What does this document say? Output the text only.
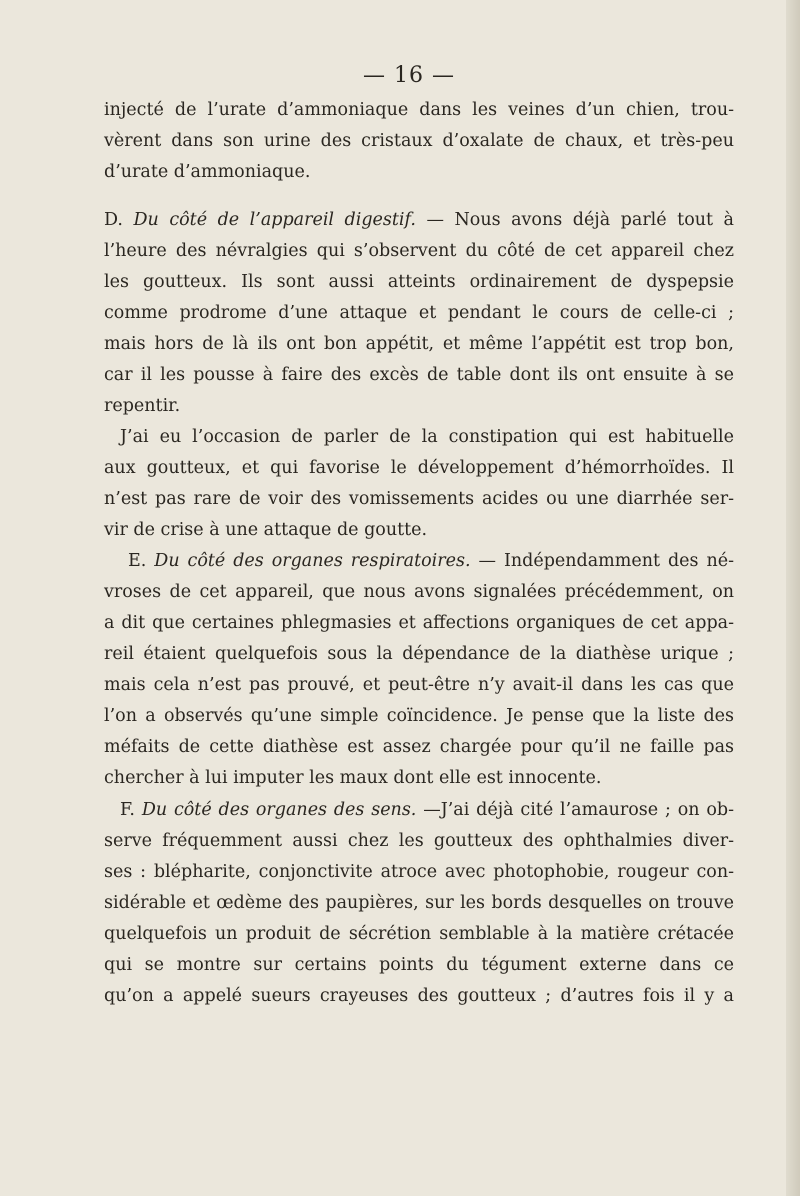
— 16 —
injecté de l’urate d’ammoniaque dans les veines d’un chien, trou-
vèrent dans son urine des cristaux d’oxalate de chaux, et très-peu
d’urate d’ammoniaque.
D. Du côté de l’appareil digestif. — Nous avons déjà parlé tout à
l’heure des névralgies qui s’observent du côté de cet appareil chez
les goutteux. Ils sont aussi atteints ordinairement de dyspepsie
comme prodrome d’une attaque et pendant le cours de celle-ci ;
mais hors de là ils ont bon appétit, et même l’appétit est trop bon,
car il les pousse à faire des excès de table dont ils ont ensuite à se
repentir.
J’ai eu l’occasion de parler de la constipation qui est habituelle
aux goutteux, et qui favorise le développement d’hémorrhoïdes. Il
n’est pas rare de voir des vomissements acides ou une diarrhée ser-
vir de crise à une attaque de goutte.
E. Du côté des organes respiratoires. — Indépendamment des né-
vroses de cet appareil, que nous avons signalées précédemment, on
a dit que certaines phlegmasies et affections organiques de cet appa-
reil étaient quelquefois sous la dépendance de la diathèse urique ;
mais cela n’est pas prouvé, et peut-être n’y avait-il dans les cas que
l’on a observés qu’une simple coïncidence. Je pense que la liste des
méfaits de cette diathèse est assez chargée pour qu’il ne faille pas
chercher à lui imputer les maux dont elle est innocente.
F. Du côté des organes des sens. —J’ai déjà cité l’amaurose ; on ob-
serve fréquemment aussi chez les goutteux des ophthalmies diver-
ses : blépharite, conjonctivite atroce avec photophobie, rougeur con-
sidérable et œdème des paupières, sur les bords desquelles on trouve
quelquefois un produit de sécrétion semblable à la matière crétacée
qui se montre sur certains points du tégument externe dans ce
qu’on a appelé sueurs crayeuses des goutteux ; d’autres fois il y a
